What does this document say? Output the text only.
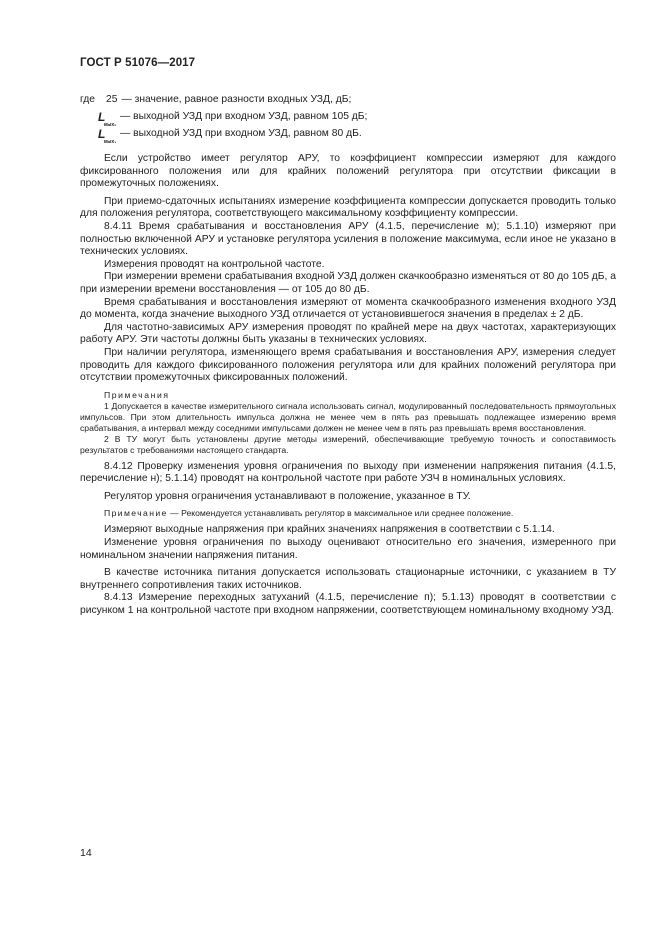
ГОСТ Р 51076—2017
где	25 — значение, равное разности входных УЗД, дБ;
L
вых₂
— выходной УЗД при входном УЗД, равном 105 дБ;
L
вых₁
— выходной УЗД при входном УЗД, равном 80 дБ.

Если устройство имеет регулятор АРУ, то коэффициент компрессии измеряют для каждого фиксированного положения или для крайних положений регулятора при отсутствии фиксации в промежуточных положениях.

При приемо-сдаточных испытаниях измерение коэффициента компрессии допускается проводить только для положения регулятора, соответствующего максимальному коэффициенту компрессии.

8.4.11 Время срабатывания и восстановления АРУ (4.1.5, перечисление м); 5.1.10) измеряют при полностью включенной АРУ и установке регулятора усиления в положение максимума, если иное не указано в технических условиях.

Измерения проводят на контрольной частоте.

При измерении времени срабатывания входной УЗД должен скачкообразно изменяться от 80 до 105 дБ, а при измерении времени восстановления — от 105 до 80 дБ.

Время срабатывания и восстановления измеряют от момента скачкообразного изменения входного УЗД до момента, когда значение выходного УЗД отличается от установившегося значения в пределах ± 2 дБ.

Для частотно-зависимых АРУ измерения проводят по крайней мере на двух частотах, характеризующих работу АРУ. Эти частоты должны быть указаны в технических условиях.

При наличии регулятора, изменяющего время срабатывания и восстановления АРУ, измерения следует проводить для каждого фиксированного положения регулятора или для крайних положений регулятора при отсутствии промежуточных фиксированных положений.

Примечания

1 Допускается в качестве измерительного сигнала использовать сигнал, модулированный последовательность прямоугольных импульсов. При этом длительность импульса должна не менее чем в пять раз превышать подлежащее измерению время срабатывания, а интервал между соседними импульсами должен не менее чем в пять раз превышать время восстановления.

2 В ТУ могут быть установлены другие методы измерений, обеспечивающие требуемую точность и сопоставимость результатов с требованиями настоящего стандарта.

8.4.12 Проверку изменения уровня ограничения по выходу при изменении напряжения питания (4.1.5, перечисление н); 5.1.14) проводят на контрольной частоте при работе УЗЧ в номинальных условиях.

Регулятор уровня ограничения устанавливают в положение, указанное в ТУ.

Примечание — Рекомендуется устанавливать регулятор в максимальное или среднее положение.

Измеряют выходные напряжения при крайних значениях напряжения в соответствии с 5.1.14.

Изменение уровня ограничения по выходу оценивают относительно его значения, измеренного при номинальном значении напряжения питания.

В качестве источника питания допускается использовать стационарные источники, с указанием в ТУ внутреннего сопротивления таких источников.

8.4.13 Измерение переходных затуханий (4.1.5, перечисление п); 5.1.13) проводят в соответствии с рисунком 1 на контрольной частоте при входном напряжении, соответствующем номинальному входному УЗД.

14
